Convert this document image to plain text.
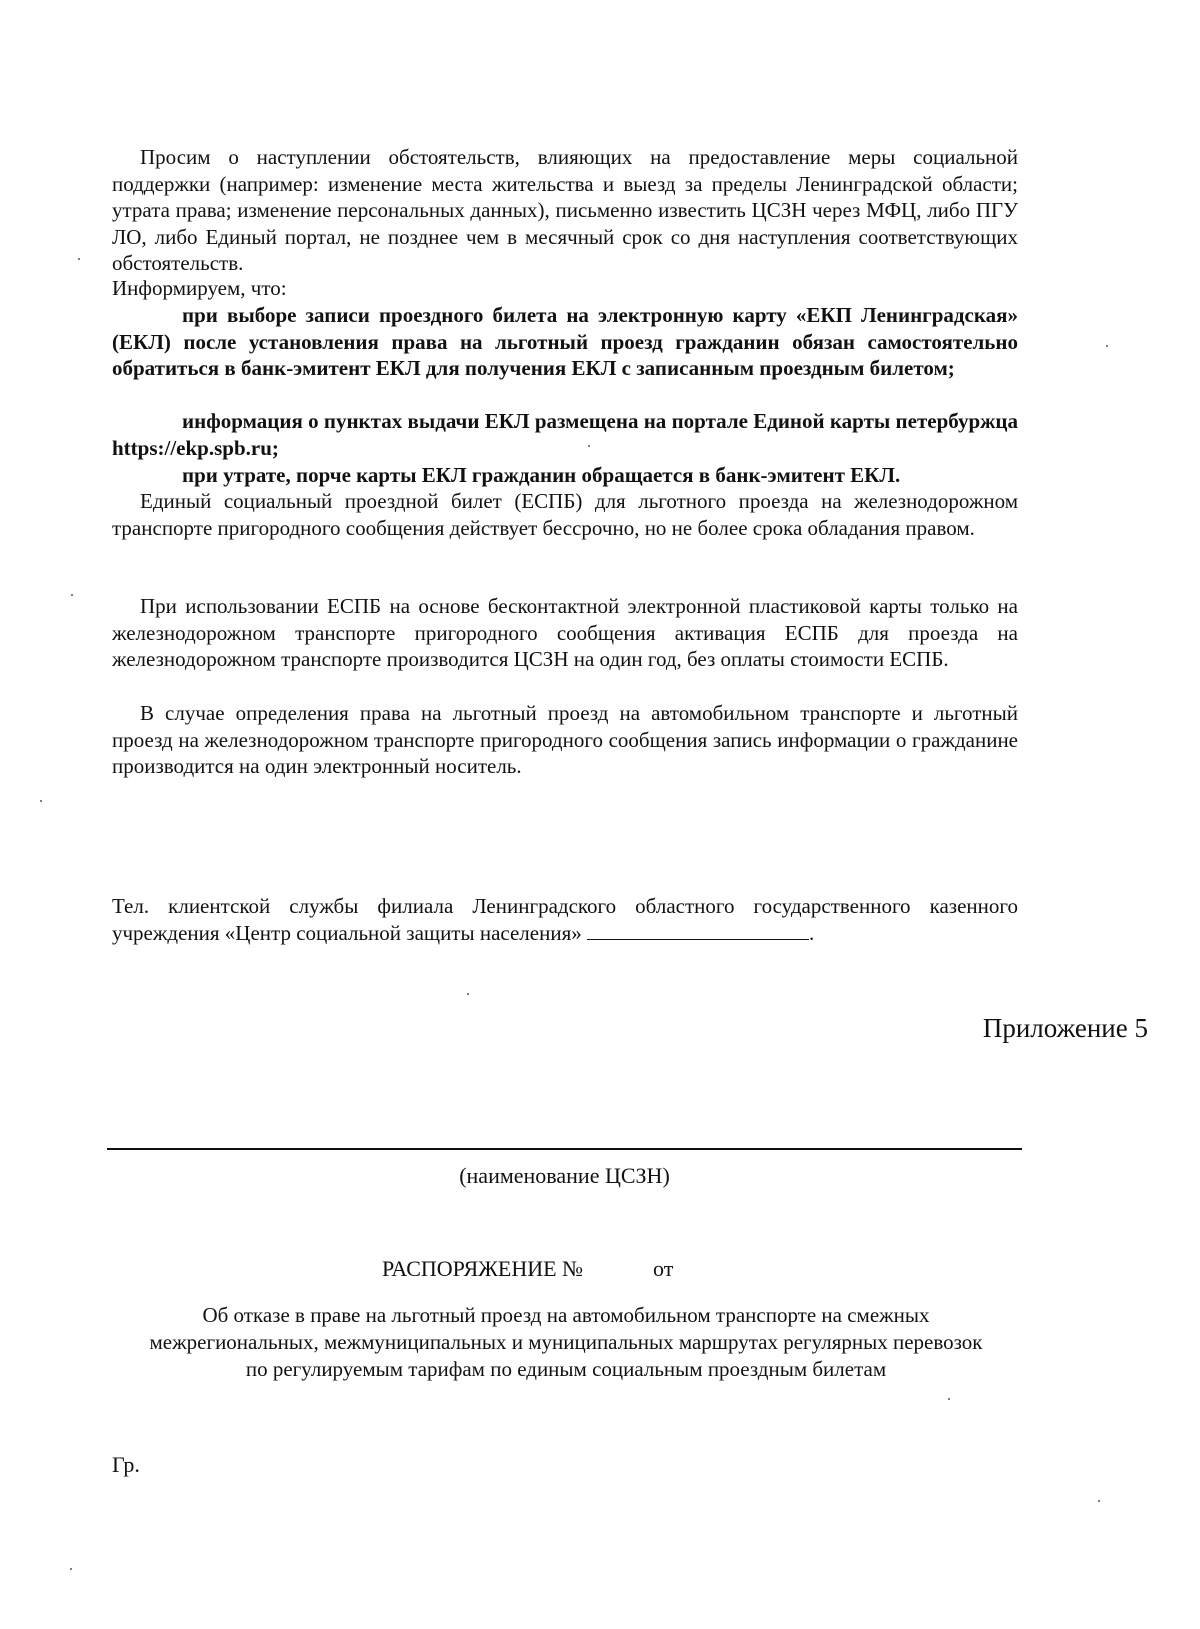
Просим о наступлении обстоятельств, влияющих на предоставление меры социальной поддержки (например: изменение места жительства и выезд за пределы Ленинградской области; утрата права; изменение персональных данных), письменно известить ЦСЗН через МФЦ, либо ПГУ ЛО, либо Единый портал, не позднее чем в месячный срок со дня наступления соответствующих обстоятельств.

Информируем, что:

при выборе записи проездного билета на электронную карту «ЕКП Ленинградская» (ЕКЛ) после установления права на льготный проезд гражданин обязан самостоятельно обратиться в банк-эмитент ЕКЛ для получения ЕКЛ с записанным проездным билетом;

информация о пунктах выдачи ЕКЛ размещена на портале Единой карты петербуржца https://ekp.spb.ru;

при утрате, порче карты ЕКЛ гражданин обращается в банк-эмитент ЕКЛ.

Единый социальный проездной билет (ЕСПБ) для льготного проезда на железнодорожном транспорте пригородного сообщения действует бессрочно, но не более срока обладания правом.

При использовании ЕСПБ на основе бесконтактной электронной пластиковой карты только на железнодорожном транспорте пригородного сообщения активация ЕСПБ для проезда на железнодорожном транспорте производится ЦСЗН на один год, без оплаты стоимости ЕСПБ.

В случае определения права на льготный проезд на автомобильном транспорте и льготный проезд на железнодорожном транспорте пригородного сообщения запись информации о гражданине производится на один электронный носитель.

Тел. клиентской службы филиала Ленинградского областного государственного казенного учреждения «Центр социальной защиты населения»	.

Приложение 5

(наименование ЦСЗН)

РАСПОРЯЖЕНИЕ №	от

Об отказе в праве на льготный проезд на автомобильном транспорте на смежных межрегиональных, межмуниципальных и муниципальных маршрутах регулярных перевозок по регулируемым тарифам по единым социальным проездным билетам

Гр.
